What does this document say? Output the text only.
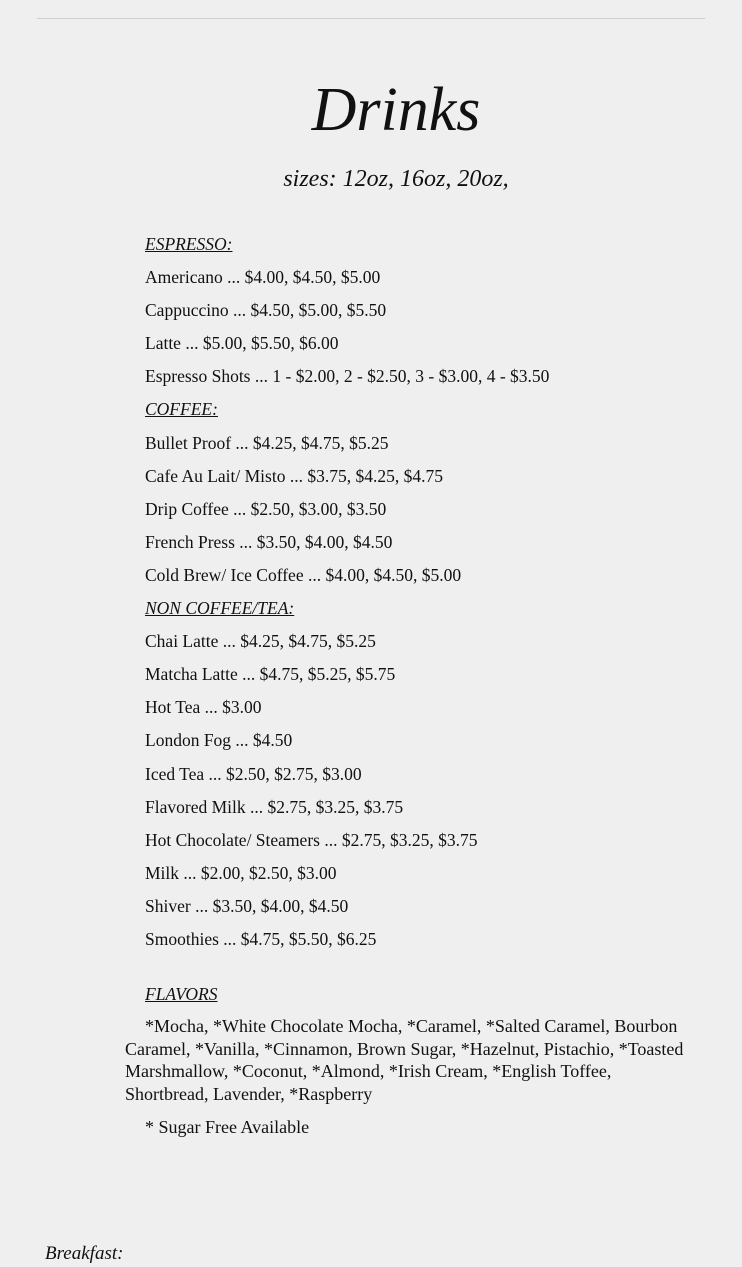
Drinks
sizes: 12oz, 16oz, 20oz,
ESPRESSO:
Americano ... $4.00, $4.50, $5.00
Cappuccino ... $4.50, $5.00, $5.50
Latte ... $5.00, $5.50, $6.00
Espresso Shots ... 1 - $2.00, 2 - $2.50, 3 - $3.00, 4 - $3.50
COFFEE:
Bullet Proof ... $4.25, $4.75, $5.25
Cafe Au Lait/ Misto ... $3.75, $4.25, $4.75
Drip Coffee ... $2.50, $3.00, $3.50
French Press ... $3.50, $4.00, $4.50
Cold Brew/ Ice Coffee ... $4.00, $4.50, $5.00
NON COFFEE/TEA:
Chai Latte ... $4.25, $4.75, $5.25
Matcha Latte ... $4.75, $5.25, $5.75
Hot Tea ... $3.00
London Fog ... $4.50
Iced Tea ... $2.50, $2.75, $3.00
Flavored Milk ... $2.75, $3.25, $3.75
Hot Chocolate/ Steamers ... $2.75, $3.25, $3.75
Milk ... $2.00, $2.50, $3.00
Shiver ... $3.50, $4.00, $4.50
Smoothies ... $4.75, $5.50, $6.25
FLAVORS
*Mocha, *White Chocolate Mocha, *Caramel, *Salted Caramel, Bourbon Caramel, *Vanilla, *Cinnamon, Brown Sugar, *Hazelnut, Pistachio, *Toasted Marshmallow, *Coconut, *Almond, *Irish Cream, *English Toffee, Shortbread, Lavender, *Raspberry
* Sugar Free Available
Breakfast:
